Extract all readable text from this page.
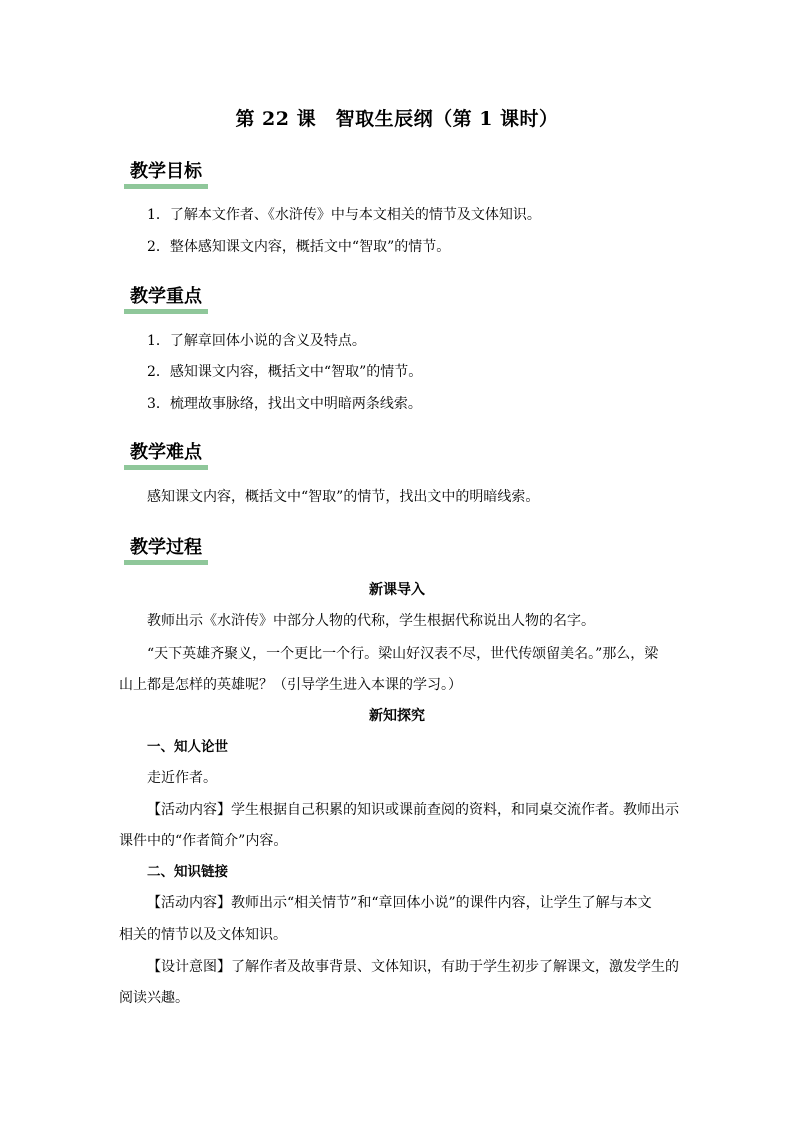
第 22 课　智取生辰纲（第 1 课时）
教学目标
1．了解本文作者、《水浒传》中与本文相关的情节及文体知识。
2．整体感知课文内容，概括文中“智取”的情节。
教学重点
1．了解章回体小说的含义及特点。
2．感知课文内容，概括文中“智取”的情节。
3．梳理故事脉络，找出文中明暗两条线索。
教学难点
感知课文内容，概括文中“智取”的情节，找出文中的明暗线索。
教学过程
新课导入
教师出示《水浒传》中部分人物的代称，学生根据代称说出人物的名字。
“天下英雄齐聚义，一个更比一个行。梁山好汉表不尽，世代传颂留美名。”那么，梁
山上都是怎样的英雄呢？（引导学生进入本课的学习。）
新知探究
一、知人论世
走近作者。
【活动内容】学生根据自己积累的知识或课前查阅的资料，和同桌交流作者。教师出示
课件中的“作者简介”内容。
二、知识链接
【活动内容】教师出示“相关情节”和“章回体小说”的课件内容，让学生了解与本文
相关的情节以及文体知识。
【设计意图】了解作者及故事背景、文体知识，有助于学生初步了解课文，激发学生的
阅读兴趣。
